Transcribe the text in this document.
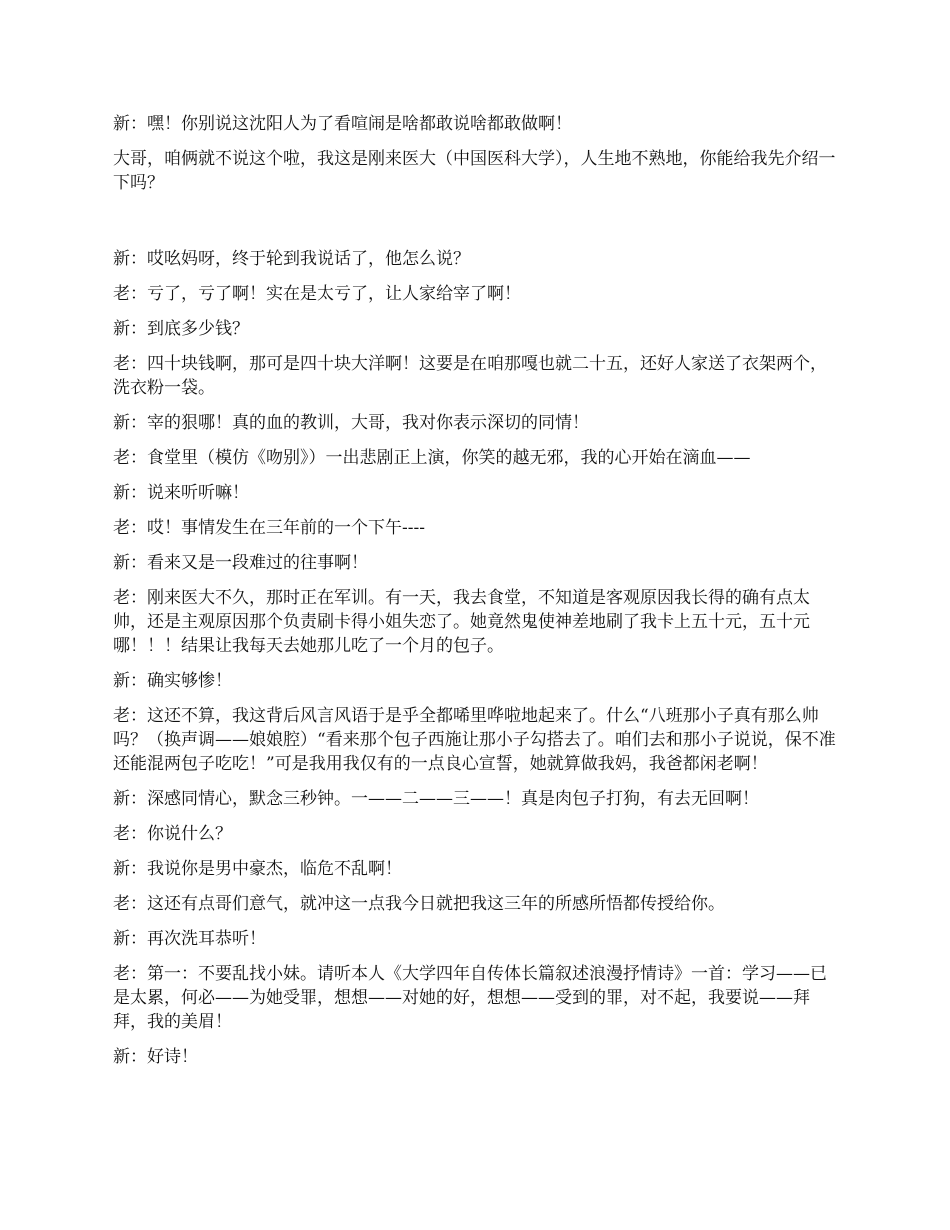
新：嘿！你别说这沈阳人为了看喧闹是啥都敢说啥都敢做啊！

大哥，咱俩就不说这个啦，我这是刚来医大（中国医科大学），人生地不熟地，你能给我先介绍一下吗？

新：哎吆妈呀，终于轮到我说话了，他怎么说？

老：亏了，亏了啊！实在是太亏了，让人家给宰了啊！

新：到底多少钱？

老：四十块钱啊，那可是四十块大洋啊！这要是在咱那嘎也就二十五，还好人家送了衣架两个，洗衣粉一袋。

新：宰的狠哪！真的血的教训，大哥，我对你表示深切的同情！

老：食堂里（模仿《吻别》）一出悲剧正上演，你笑的越无邪，我的心开始在滴血——

新：说来听听嘛！

老：哎！事情发生在三年前的一个下午----

新：看来又是一段难过的往事啊！

老：刚来医大不久，那时正在军训。有一天，我去食堂，不知道是客观原因我长得的确有点太帅，还是主观原因那个负责刷卡得小姐失恋了。她竟然鬼使神差地刷了我卡上五十元，五十元哪！！！结果让我每天去她那儿吃了一个月的包子。

新：确实够惨！

老：这还不算，我这背后风言风语于是乎全都唏里哗啦地起来了。什么“八班那小子真有那么帅吗？（换声调——娘娘腔）“看来那个包子西施让那小子勾搭去了。咱们去和那小子说说，保不准还能混两包子吃吃！”可是我用我仅有的一点良心宣誓，她就算做我妈，我爸都闲老啊！

新：深感同情心，默念三秒钟。一——二——三——！真是肉包子打狗，有去无回啊！

老：你说什么？

新：我说你是男中豪杰，临危不乱啊！

老：这还有点哥们意气，就冲这一点我今日就把我这三年的所感所悟都传授给你。

新：再次洗耳恭听！

老：第一：不要乱找小妹。请听本人《大学四年自传体长篇叙述浪漫抒情诗》一首：学习——已是太累，何必——为她受罪，想想——对她的好，想想——受到的罪，对不起，我要说——拜拜，我的美眉！

新：好诗！
